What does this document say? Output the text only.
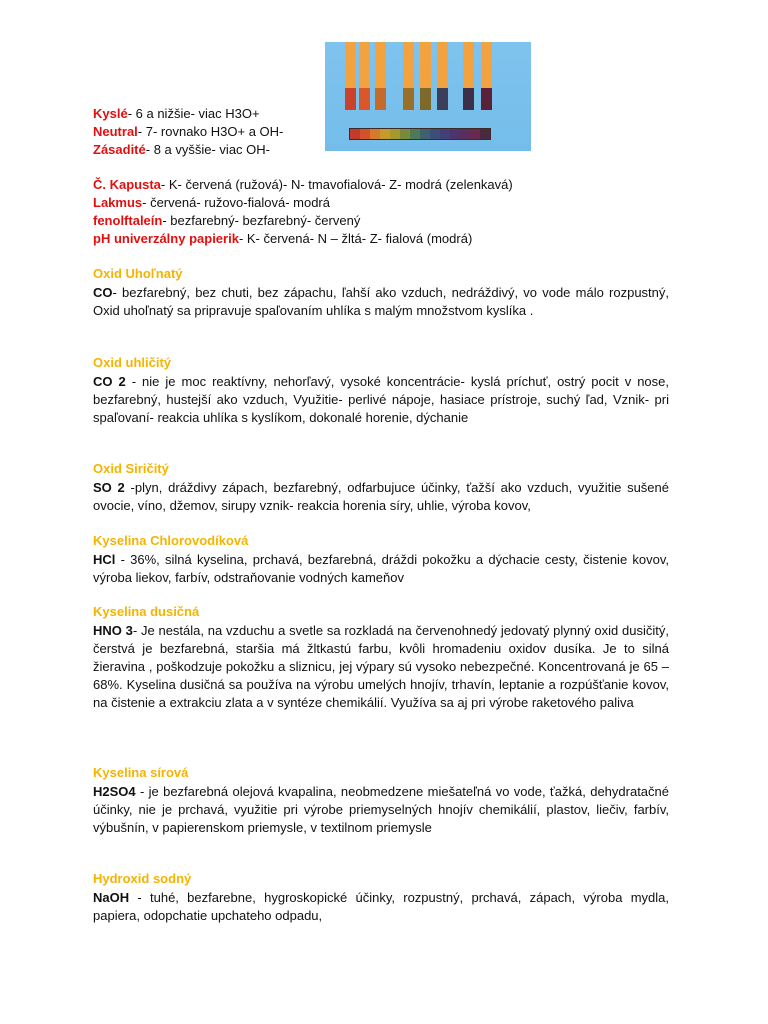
Kyslé- 6 a nižšie- viac H3O+
Neutral- 7- rovnako H3O+ a OH-
Zásadité- 8 a vyššie- viac OH-
Č. Kapusta- K- červená (ružová)- N- tmavofialová- Z- modrá (zelenkavá)
Lakmus- červená- ružovo-fialová- modrá
fenolftaleín- bezfarebný- bezfarebný- červený
pH univerzálny papierik- K- červená- N – žltá- Z- fialová (modrá)
Oxid Uhoľnatý
CO- bezfarebný, bez chuti, bez zápachu, ľahší ako vzduch, nedráždivý, vo vode málo rozpustný, Oxid uhoľnatý sa pripravuje spaľovaním uhlíka s malým množstvom kyslíka .
Oxid uhličitý
CO 2 - nie je moc reaktívny, nehorľavý, vysoké koncentrácie- kyslá príchuť, ostrý pocit v nose, bezfarebný, hustejší ako vzduch, Využitie- perlivé nápoje, hasiace prístroje, suchý ľad, Vznik- pri spaľovaní- reakcia uhlíka s kyslíkom, dokonalé horenie, dýchanie
Oxid Siričitý
SO 2 -plyn, dráždivy zápach, bezfarebný, odfarbujuce účinky, ťažší ako vzduch, využitie sušené ovocie, víno, džemov, sirupy vznik- reakcia horenia síry, uhlie, výroba kovov,
Kyselina Chlorovodíková
HCl - 36%, silná kyselina, prchavá, bezfarebná, dráždi pokožku a dýchacie cesty, čistenie kovov, výroba liekov, farbív, odstraňovanie vodných kameňov
Kyselina dusičná
HNO 3- Je nestála, na vzduchu a svetle sa rozkladá na červenohnedý jedovatý plynný oxid dusičitý, čerstvá je bezfarebná, staršia má žltkastú farbu, kvôli hromadeniu oxidov dusíka. Je to silná žieravina , poškodzuje pokožku a sliznicu, jej výpary sú vysoko nebezpečné. Koncentrovaná je 65 – 68%. Kyselina dusičná sa používa na výrobu umelých hnojív, trhavín, leptanie a rozpúšťanie kovov, na čistenie a extrakciu zlata a v syntéze chemikálií. Využíva sa aj pri výrobe raketového paliva
Kyselina sírová
H2SO4 - je bezfarebná olejová kvapalina, neobmedzene miešateľná vo vode, ťažká, dehydratačné účinky, nie je prchavá, využitie pri výrobe priemyselných hnojív chemikálií, plastov, liečiv, farbív, výbušnín, v papierenskom priemysle, v textilnom priemysle
Hydroxid sodný
NaOH - tuhé, bezfarebne, hygroskopické účinky, rozpustný, prchavá, zápach, výroba mydla, papiera, odopchatie upchateho odpadu,
